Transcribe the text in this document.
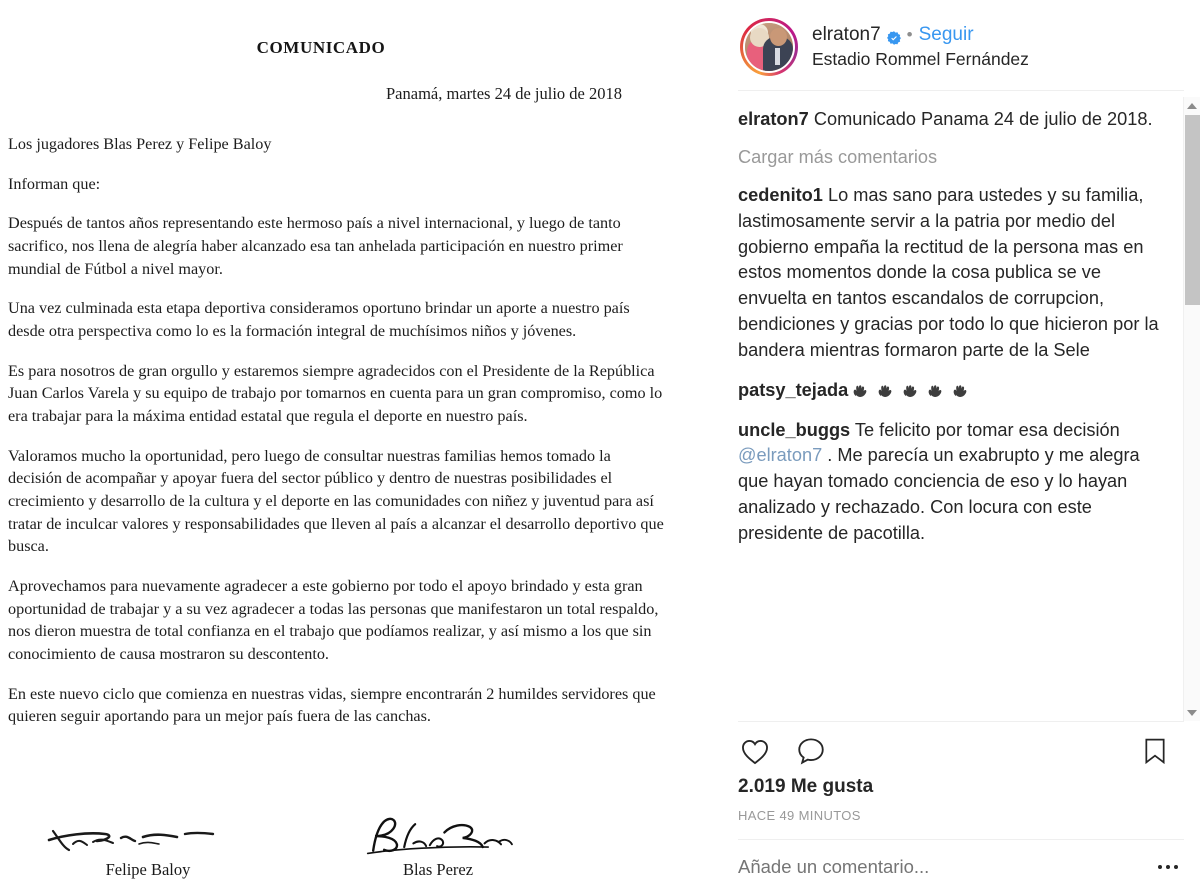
COMUNICADO
Panamá, martes 24 de julio de 2018

Los jugadores Blas Perez y Felipe Baloy

Informan que:

Después de tantos años representando este hermoso país a nivel internacional, y luego de tanto sacrifico, nos llena de alegría haber alcanzado esa tan anhelada participación en nuestro primer mundial de Fútbol a nivel mayor.

Una vez culminada esta etapa deportiva consideramos oportuno brindar un aporte a nuestro país desde otra perspectiva como lo es la formación integral de muchísimos niños y jóvenes.

Es para nosotros de gran orgullo y estaremos siempre agradecidos con el Presidente de la República Juan Carlos Varela y su equipo de trabajo por tomarnos en cuenta para un gran compromiso, como lo era trabajar para la máxima entidad estatal que regula el deporte en nuestro país.

Valoramos mucho la oportunidad, pero luego de consultar nuestras familias hemos tomado la decisión de acompañar y apoyar fuera del sector público y dentro de nuestras posibilidades el crecimiento y desarrollo de la cultura y el deporte en las comunidades con niñez y juventud para así tratar de inculcar valores y responsabilidades que lleven al país a alcanzar el desarrollo deportivo que busca.

Aprovechamos para nuevamente agradecer a este gobierno por todo el apoyo brindado y esta gran oportunidad de trabajar y a su vez agradecer a todas las personas que manifestaron un total respaldo, nos dieron muestra de total confianza en el trabajo que podíamos realizar, y así mismo a los que sin conocimiento de causa mostraron su descontento.

En este nuevo ciclo que comienza en nuestras vidas, siempre encontrarán 2 humildes servidores que quieren seguir aportando para un mejor país fuera de las canchas.

Felipe Baloy	Blas Perez
elraton7 • Seguir
Estadio Rommel Fernández
elraton7 Comunicado Panama 24 de julio de 2018.
Cargar más comentarios
cedenito1 Lo mas sano para ustedes y su familia, lastimosamente servir a la patria por medio del gobierno empaña la rectitud de la persona mas en estos momentos donde la cosa publica se ve envuelta en tantos escandalos de corrupcion, bendiciones y gracias por todo lo que hicieron por la bandera mientras formaron parte de la Sele
patsy_tejada
uncle_buggs Te felicito por tomar esa decisión @elraton7 . Me parecía un exabrupto y me alegra que hayan tomado conciencia de eso y lo hayan analizado y rechazado. Con locura con este presidente de pacotilla.
2.019 Me gusta
HACE 49 MINUTOS
Añade un comentario...
